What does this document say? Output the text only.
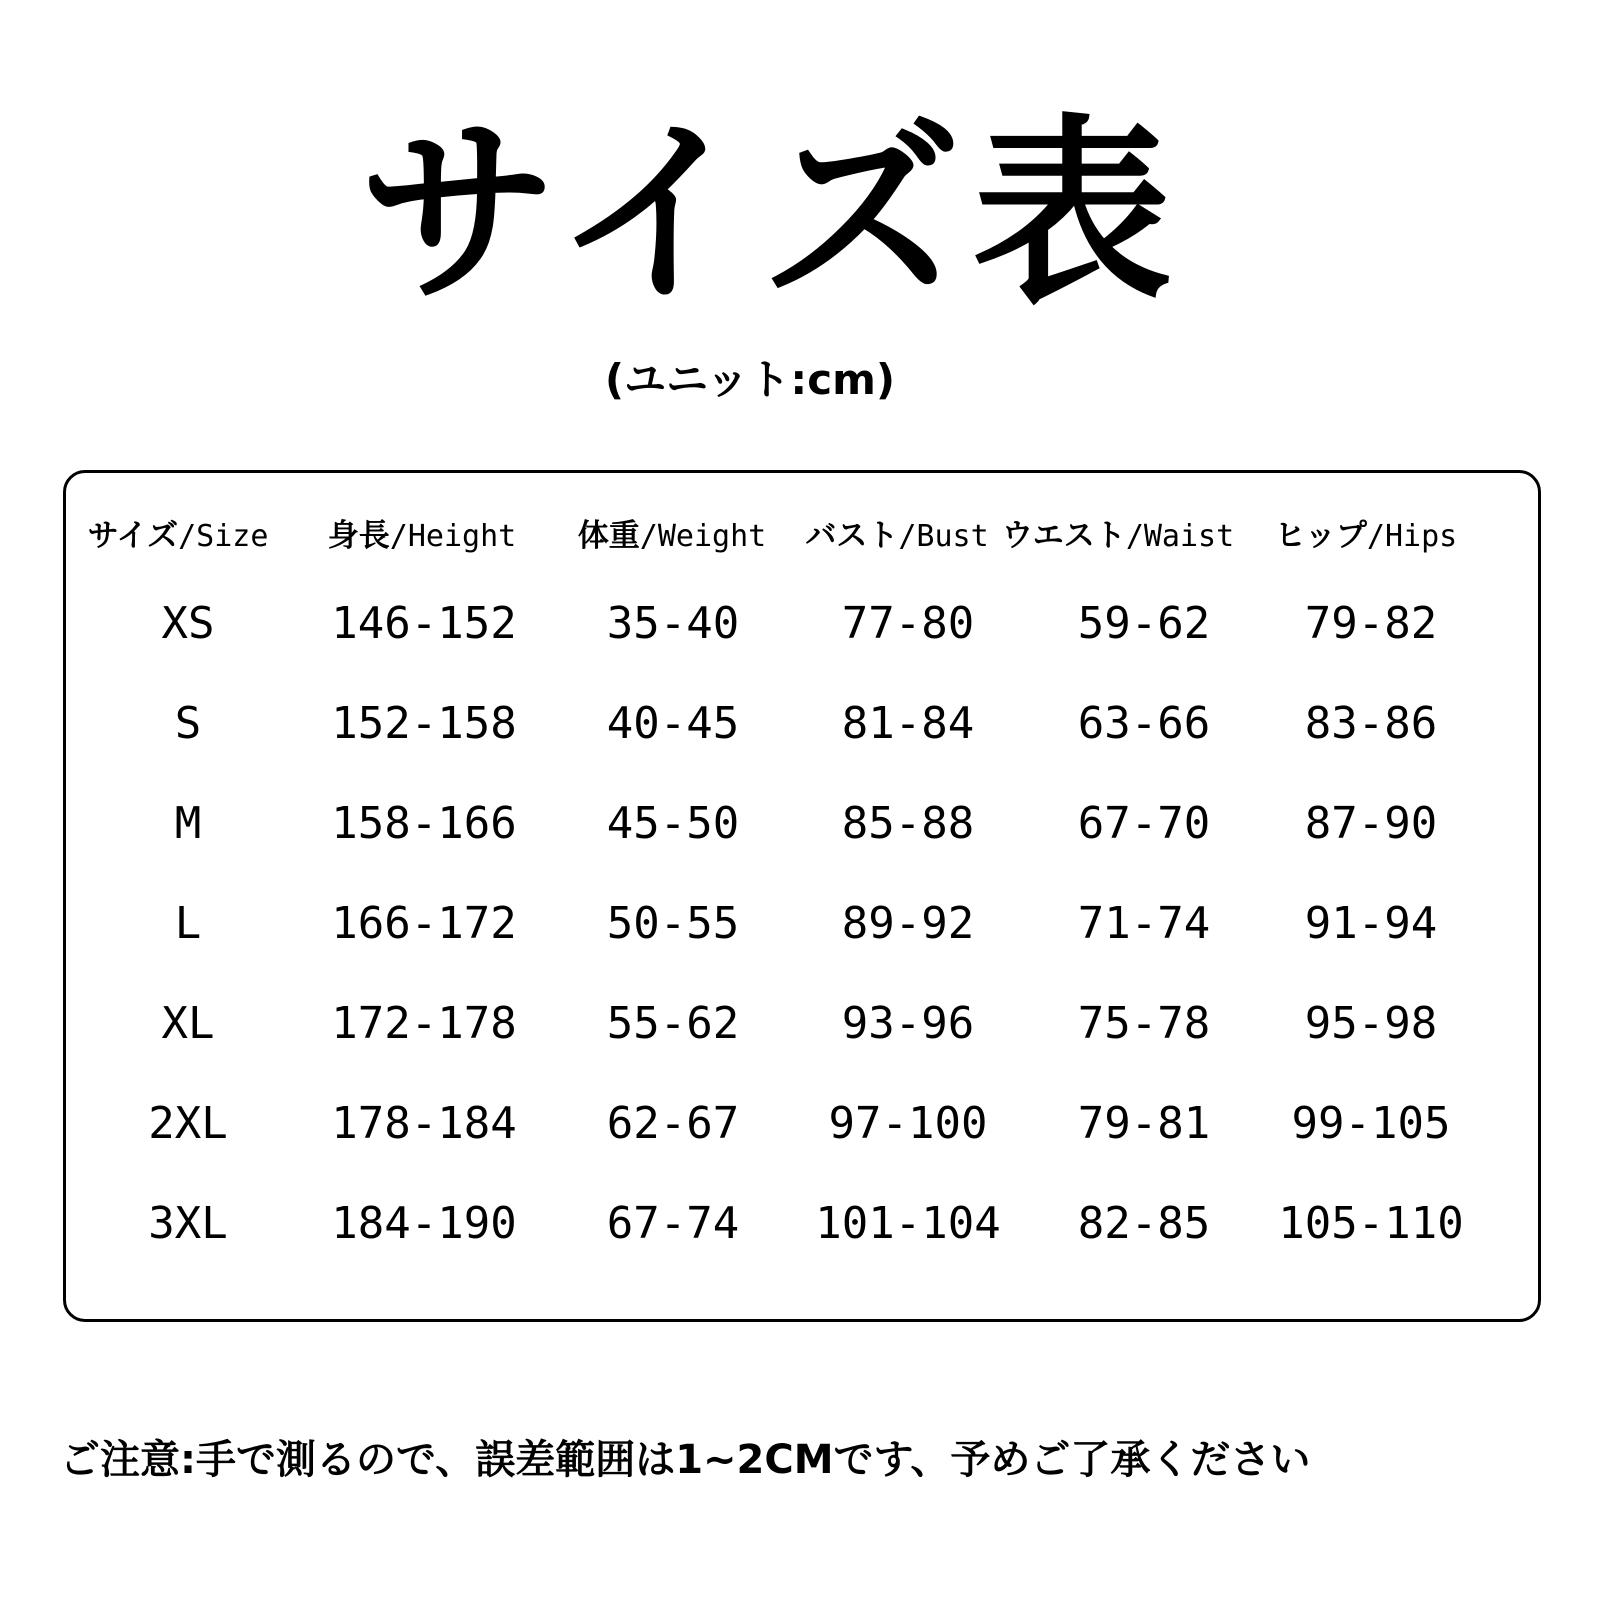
サイズ表
(ユニット:cm)
サイズ/Size 身長/Height 体重/Weight バスト/Bust ウエスト/Waist ヒップ/Hips
XS	146-152 35-40 77-80 59-62 79-82
S	152-158 40-45 81-84 63-66 83-86
M	158-166 45-50 85-88 67-70 87-90
L	166-172 50-55 89-92 71-74 91-94
XL	172-178 55-62 93-96 75-78 95-98
2XL 178-184 62-67 97-100 79-81 99-105
3XL 184-190 67-74 101-104 82-85 105-110

ご注意:手で測るので、誤差範囲は1~2CMです、予めご了承ください
